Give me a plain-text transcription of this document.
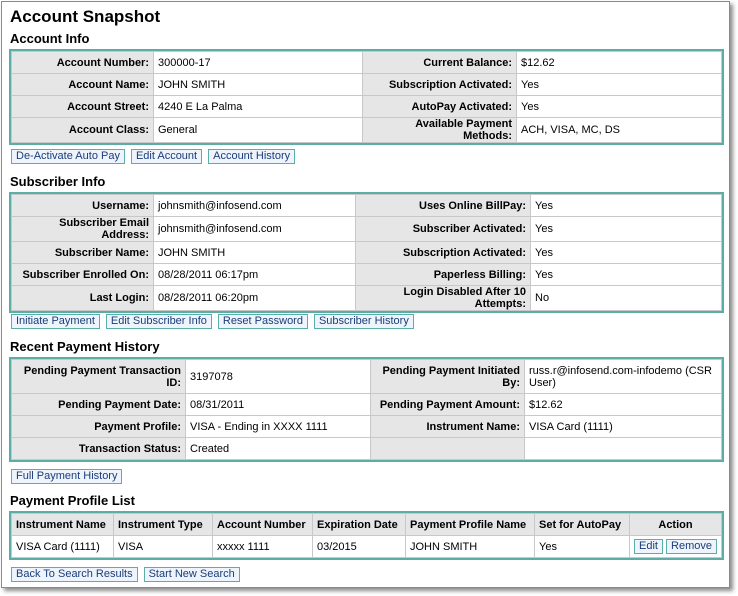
Account Snapshot
Account Info
Account Number:	300000-17	Current Balance:	$12.62
Account Name:	JOHN SMITH	Subscription Activated:	Yes
Account Street:	4240 E La Palma	AutoPay Activated:	Yes
Account Class:	General	Available Payment Methods:	ACH, VISA, MC, DS
De-Activate Auto Pay	Edit Account	Account History
Subscriber Info
Username:	johnsmith@infosend.com	Uses Online BillPay:	Yes
Subscriber Email Address:	johnsmith@infosend.com	Subscriber Activated:	Yes
Subscriber Name:	JOHN SMITH	Subscription Activated:	Yes
Subscriber Enrolled On:	08/28/2011 06:17pm	Paperless Billing:	Yes
Last Login:	08/28/2011 06:20pm	Login Disabled After 10 Attempts:	No
Initiate Payment	Edit Subscriber Info	Reset Password	Subscriber History
Recent Payment History
Pending Payment Transaction ID:	3197078	Pending Payment Initiated By:	russ.r@infosend.com-infodemo (CSR User)
Pending Payment Date:	08/31/2011	Pending Payment Amount:	$12.62
Payment Profile:	VISA - Ending in XXXX 1111	Instrument Name:	VISA Card (1111)
Transaction Status:	Created		
Full Payment History
Payment Profile List
Instrument Name	Instrument Type	Account Number	Expiration Date	Payment Profile Name	Set for AutoPay	Action
VISA Card (1111)	VISA	xxxxx 1111	03/2015	JOHN SMITH	Yes	Edit Remove
Back To Search Results	Start New Search
